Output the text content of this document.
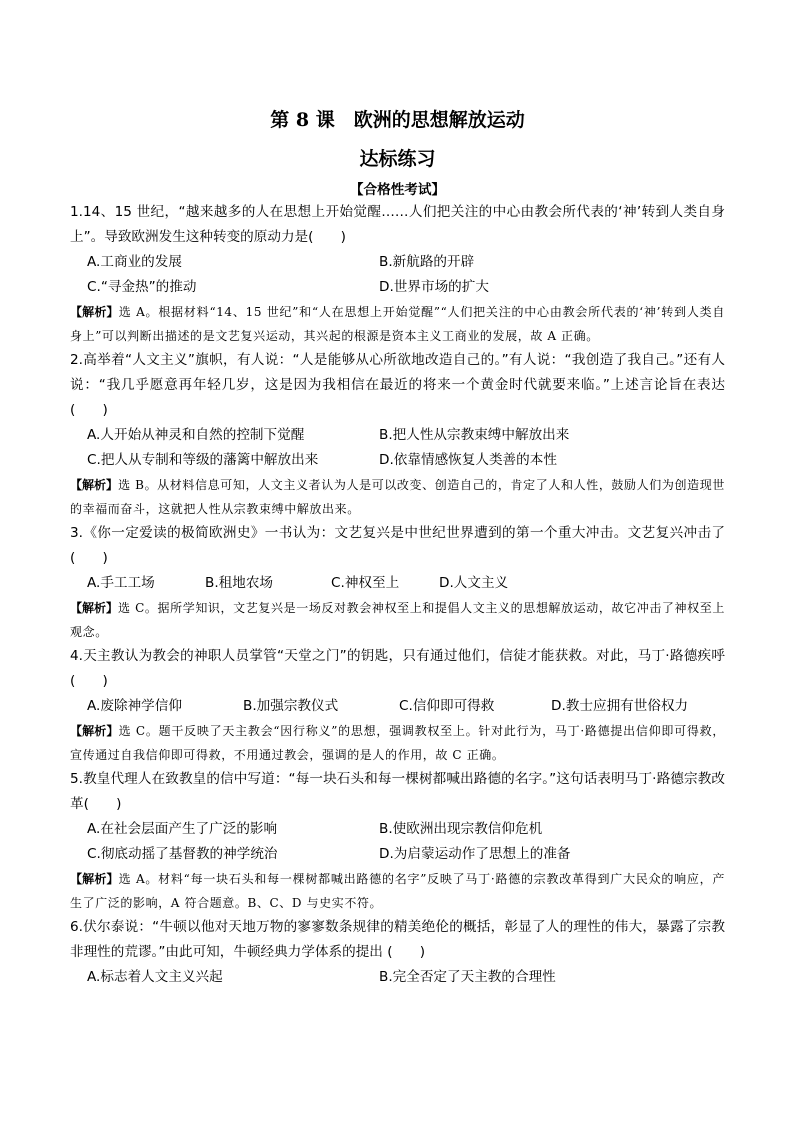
第 8 课　欧洲的思想解放运动
达标练习
【合格性考试】
1.14、15 世纪，“越来越多的人在思想上开始觉醒……人们把关注的中心由教会所代表的‘神’转到人类自身上”。导致欧洲发生这种转变的原动力是(　　)
A.工商业的发展	B.新航路的开辟
C.“寻金热”的推动	D.世界市场的扩大
【解析】选 A。根据材料“14、15 世纪”和“人在思想上开始觉醒”“人们把关注的中心由教会所代表的‘神’转到人类自身上”可以判断出描述的是文艺复兴运动，其兴起的根源是资本主义工商业的发展，故 A 正确。
2.高举着“人文主义”旗帜，有人说：“人是能够从心所欲地改造自己的。”有人说：“我创造了我自己。”还有人说：“我几乎愿意再年轻几岁，这是因为我相信在最近的将来一个黄金时代就要来临。”上述言论旨在表达(　　)
A.人开始从神灵和自然的控制下觉醒	B.把人性从宗教束缚中解放出来
C.把人从专制和等级的藩篱中解放出来	D.依靠情感恢复人类善的本性
【解析】选 B。从材料信息可知，人文主义者认为人是可以改变、创造自己的，肯定了人和人性，鼓励人们为创造现世的幸福而奋斗，这就把人性从宗教束缚中解放出来。
3.《你一定爱读的极简欧洲史》一书认为：文艺复兴是中世纪世界遭到的第一个重大冲击。文艺复兴冲击了(　　)
A.手工工场	B.租地农场	C.神权至上	D.人文主义
【解析】选 C。据所学知识，文艺复兴是一场反对教会神权至上和提倡人文主义的思想解放运动，故它冲击了神权至上观念。
4.天主教认为教会的神职人员掌管“天堂之门”的钥匙，只有通过他们，信徒才能获救。对此，马丁·路德疾呼(　　)
A.废除神学信仰	B.加强宗教仪式	C.信仰即可得救	D.教士应拥有世俗权力
【解析】选 C。题干反映了天主教会“因行称义”的思想，强调教权至上。针对此行为，马丁·路德提出信仰即可得救，宣传通过自我信仰即可得救，不用通过教会，强调的是人的作用，故 C 正确。
5.教皇代理人在致教皇的信中写道：“每一块石头和每一棵树都喊出路德的名字。”这句话表明马丁·路德宗教改革(　　)
A.在社会层面产生了广泛的影响	B.使欧洲出现宗教信仰危机
C.彻底动摇了基督教的神学统治	D.为启蒙运动作了思想上的准备
【解析】选 A。材料“每一块石头和每一棵树都喊出路德的名字”反映了马丁·路德的宗教改革得到广大民众的响应，产生了广泛的影响，A 符合题意。B、C、D 与史实不符。
6.伏尔泰说：“牛顿以他对天地万物的寥寥数条规律的精美绝伦的概括，彰显了人的理性的伟大，暴露了宗教非理性的荒谬。”由此可知，牛顿经典力学体系的提出 (　　)
A.标志着人文主义兴起	B.完全否定了天主教的合理性
